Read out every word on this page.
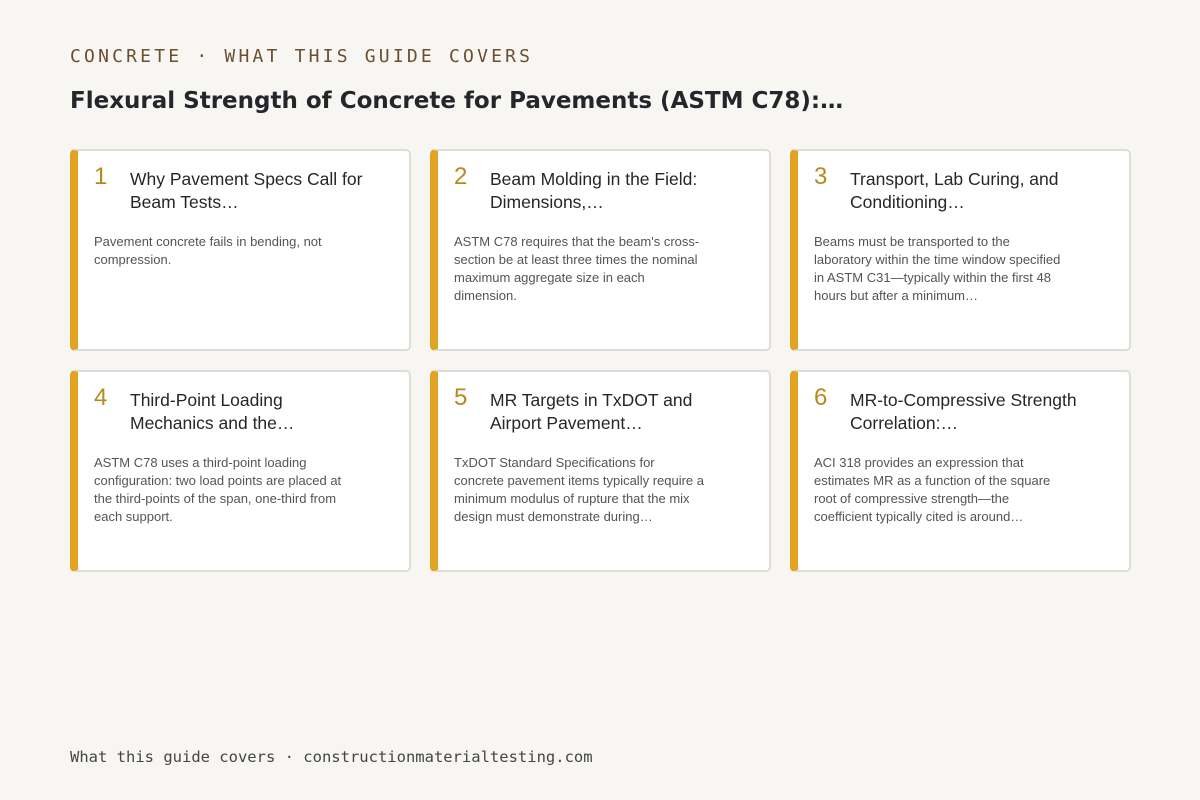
CONCRETE · WHAT THIS GUIDE COVERS
Flexural Strength of Concrete for Pavements (ASTM C78):…
1 Why Pavement Specs Call for Beam Tests…
Pavement concrete fails in bending, not compression.
2 Beam Molding in the Field: Dimensions,…
ASTM C78 requires that the beam's cross-section be at least three times the nominal maximum aggregate size in each dimension.
3 Transport, Lab Curing, and Conditioning…
Beams must be transported to the laboratory within the time window specified in ASTM C31—typically within the first 48 hours but after a minimum…
4 Third-Point Loading Mechanics and the…
ASTM C78 uses a third-point loading configuration: two load points are placed at the third-points of the span, one-third from each support.
5 MR Targets in TxDOT and Airport Pavement…
TxDOT Standard Specifications for concrete pavement items typically require a minimum modulus of rupture that the mix design must demonstrate during…
6 MR-to-Compressive Strength Correlation:…
ACI 318 provides an expression that estimates MR as a function of the square root of compressive strength—the coefficient typically cited is around…
What this guide covers · constructionmaterialtesting.com
